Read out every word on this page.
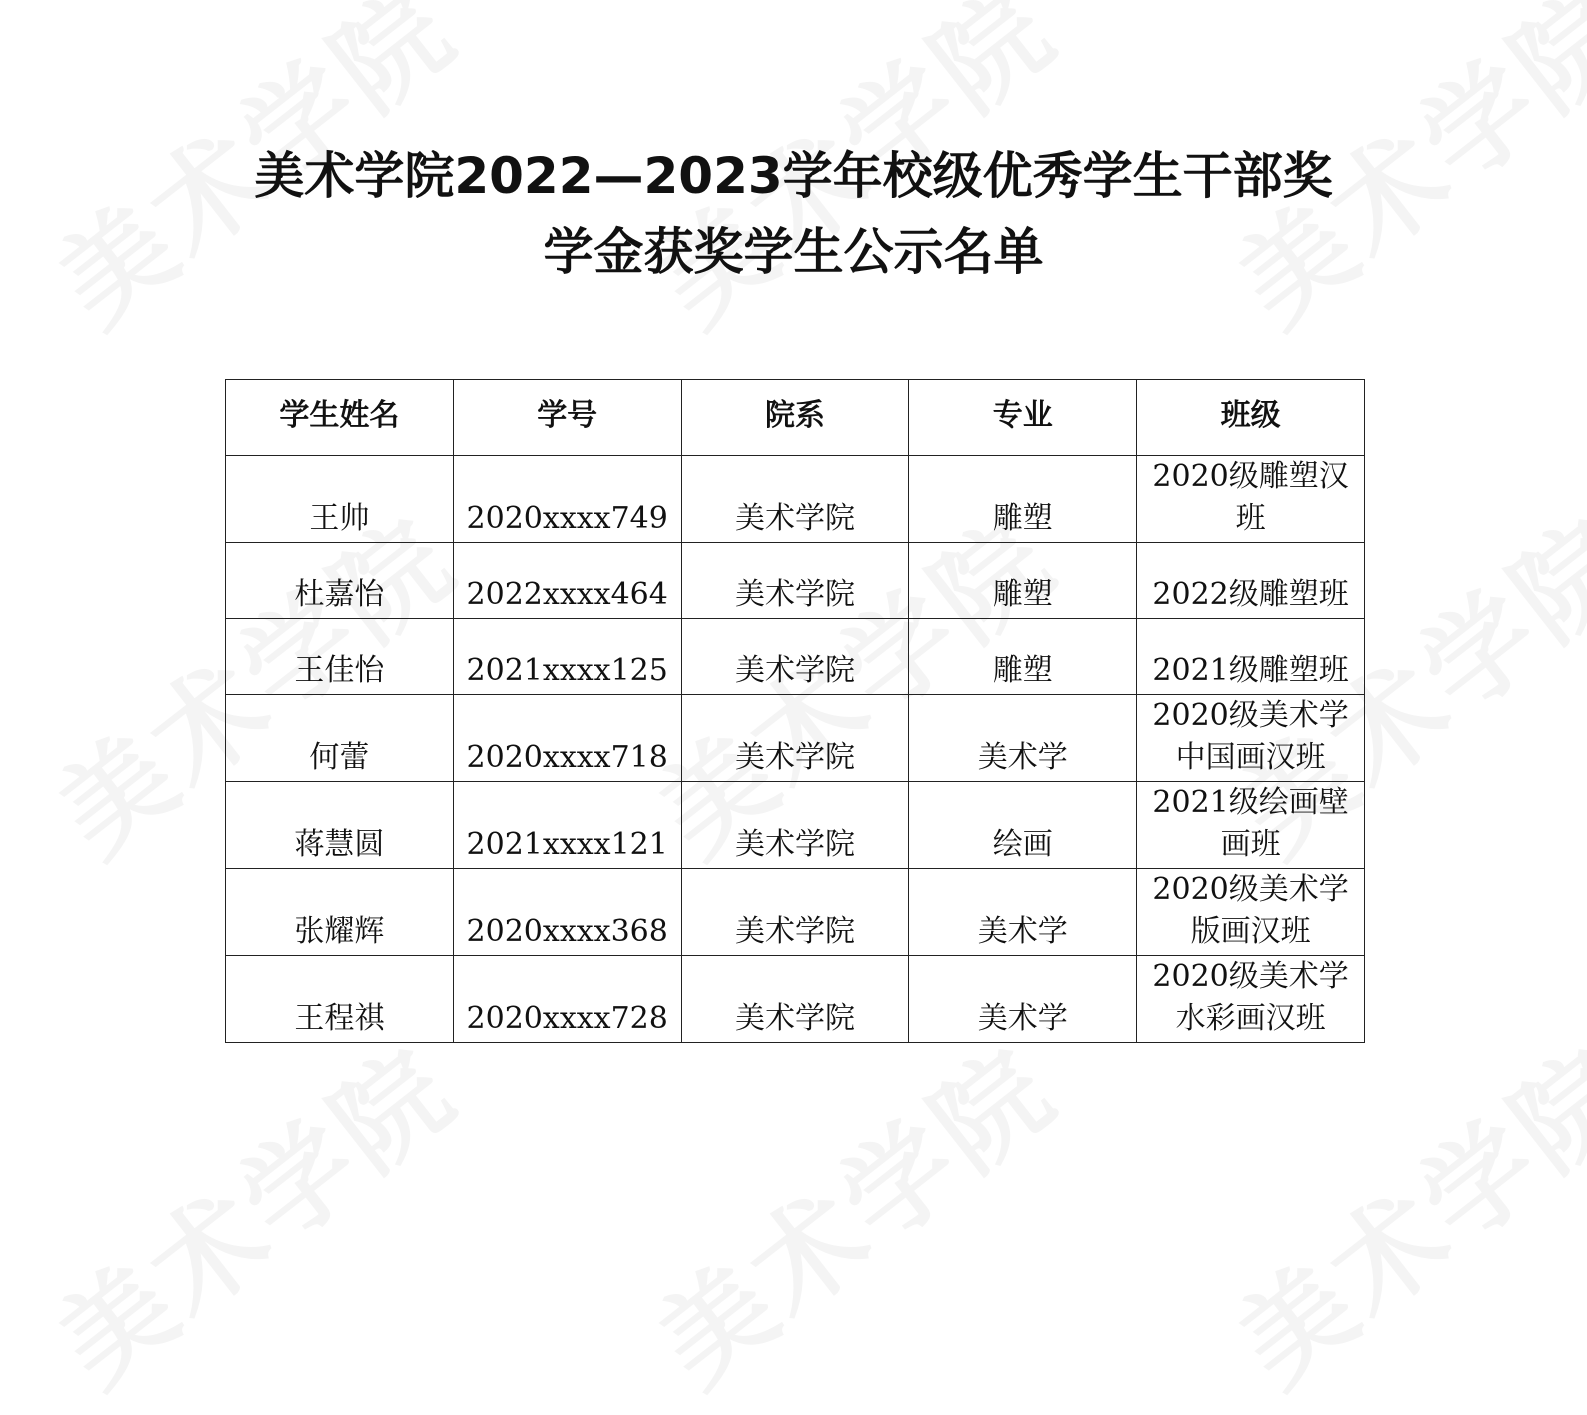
美术学院2022—2023学年校级优秀学生干部奖
学金获奖学生公示名单
学生姓名	学号	院系	专业	班级
王帅	2020xxxx749	美术学院	雕塑	2020级雕塑汉班
杜嘉怡	2022xxxx464	美术学院	雕塑	2022级雕塑班
王佳怡	2021xxxx125	美术学院	雕塑	2021级雕塑班
何蕾	2020xxxx718	美术学院	美术学	2020级美术学中国画汉班
蒋慧圆	2021xxxx121	美术学院	绘画	2021级绘画壁画班
张耀辉	2020xxxx368	美术学院	美术学	2020级美术学版画汉班
王程祺	2020xxxx728	美术学院	美术学	2020级美术学水彩画汉班
